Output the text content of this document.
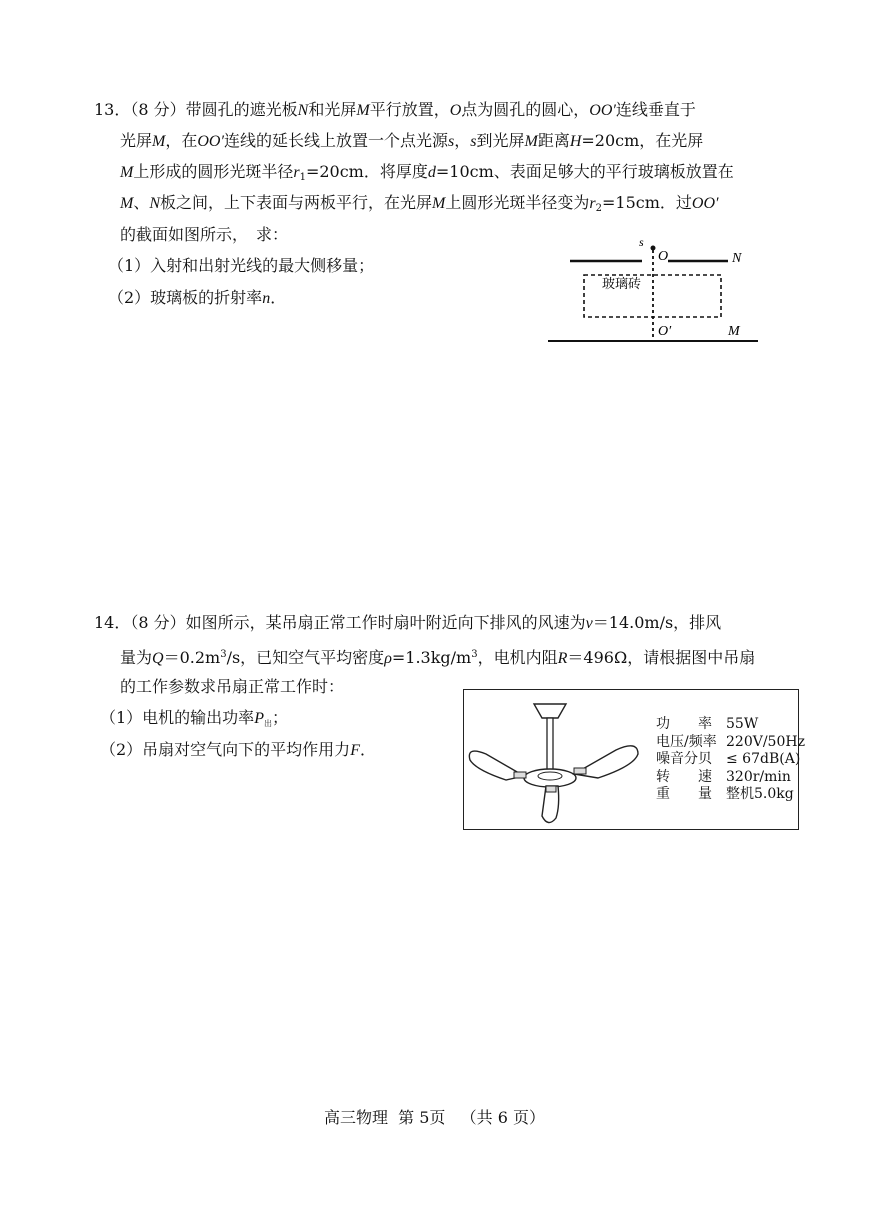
13．（8 分）带圆孔的遮光板N和光屏M平行放置，O点为圆孔的圆心，OO′连线垂直于
光屏M，在OO′连线的延长线上放置一个点光源s，s到光屏M距离H=20cm，在光屏
M上形成的圆形光斑半径$r_1=20cm$．将厚度d=10cm、表面足够大的平行玻璃板放置在
M、N板之间，上下表面与两板平行，在光屏M上圆形光斑半径变为$r_2=15cm$．过OO′
的截面如图所示，　求：
（1）入射和出射光线的最大侧移量；
（2）玻璃板的折射率n．
s
O	N
玻璃砖
O′	M
14．（8 分）如图所示，某吊扇正常工作时扇叶附近向下排风的风速为v＝14.0m/s，排风
量为$Q=0.2m^3/s$，已知空气平均密度$\rho=1.3kg/m^3$，电机内阻R＝496Ω，请根据图中吊扇
的工作参数求吊扇正常工作时：
（1）电机的输出功率$P_出$；
（2）吊扇对空气向下的平均作用力F．
功　　率 55W
电压/频率 220V/50Hz
噪音分贝 ≤ 67dB(A)
转　　速 320r/min
重　　量 整机5.0kg
高三物理  第 5页   （共 6 页）
